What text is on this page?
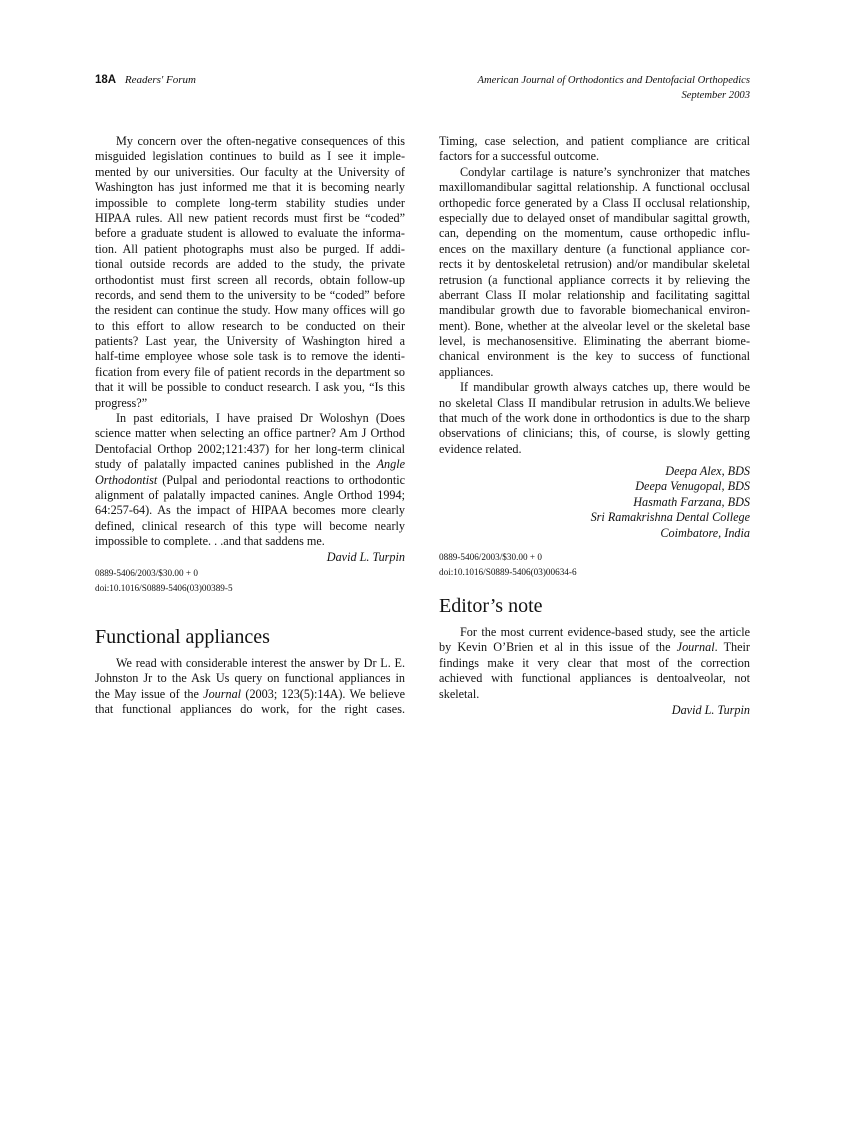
18A Readers' Forum	American Journal of Orthodontics and Dentofacial Orthopedics
September 2003
My concern over the often-negative consequences of this
misguided legislation continues to build as I see it imple-
mented by our universities. Our faculty at the University of
Washington has just informed me that it is becoming nearly
impossible to complete long-term stability studies under
HIPAA rules. All new patient records must first be “coded”
before a graduate student is allowed to evaluate the informa-
tion. All patient photographs must also be purged. If addi-
tional outside records are added to the study, the private
orthodontist must first screen all records, obtain follow-up
records, and send them to the university to be “coded” before
the resident can continue the study. How many offices will go
to this effort to allow research to be conducted on their
patients? Last year, the University of Washington hired a
half-time employee whose sole task is to remove the identi-
fication from every file of patient records in the department so
that it will be possible to conduct research. I ask you, “Is this
progress?”
In past editorials, I have praised Dr Woloshyn (Does
science matter when selecting an office partner? Am J Orthod
Dentofacial Orthop 2002;121:437) for her long-term clinical
study of palatally impacted canines published in the Angle
Orthodontist (Pulpal and periodontal reactions to orthodontic
alignment of palatally impacted canines. Angle Orthod 1994;
64:257-64). As the impact of HIPAA becomes more clearly
defined, clinical research of this type will become nearly
impossible to complete. . .and that saddens me.
David L. Turpin
0889-5406/2003/$30.00 + 0
doi:10.1016/S0889-5406(03)00389-5
Functional appliances
We read with considerable interest the answer by Dr L. E.
Johnston Jr to the Ask Us query on functional appliances in
the May issue of the Journal (2003; 123(5):14A). We believe
that functional appliances do work, for the right cases.
Timing, case selection, and patient compliance are critical
factors for a successful outcome.
Condylar cartilage is nature’s synchronizer that matches
maxillomandibular sagittal relationship. A functional occlusal
orthopedic force generated by a Class II occlusal relationship,
especially due to delayed onset of mandibular sagittal growth,
can, depending on the momentum, cause orthopedic influ-
ences on the maxillary denture (a functional appliance cor-
rects it by dentoskeletal retrusion) and/or mandibular skeletal
retrusion (a functional appliance corrects it by relieving the
aberrant Class II molar relationship and facilitating sagittal
mandibular growth due to favorable biomechanical environ-
ment). Bone, whether at the alveolar level or the skeletal base
level, is mechanosensitive. Eliminating the aberrant biome-
chanical environment is the key to success of functional
appliances.
If mandibular growth always catches up, there would be
no skeletal Class II mandibular retrusion in adults.We believe
that much of the work done in orthodontics is due to the sharp
observations of clinicians; this, of course, is slowly getting
evidence related.
Deepa Alex, BDS
Deepa Venugopal, BDS
Hasmath Farzana, BDS
Sri Ramakrishna Dental College
Coimbatore, India
0889-5406/2003/$30.00 + 0
doi:10.1016/S0889-5406(03)00634-6
Editor’s note
For the most current evidence-based study, see the article
by Kevin O’Brien et al in this issue of the Journal. Their
findings make it very clear that most of the correction
achieved with functional appliances is dentoalveolar, not
skeletal.
David L. Turpin
